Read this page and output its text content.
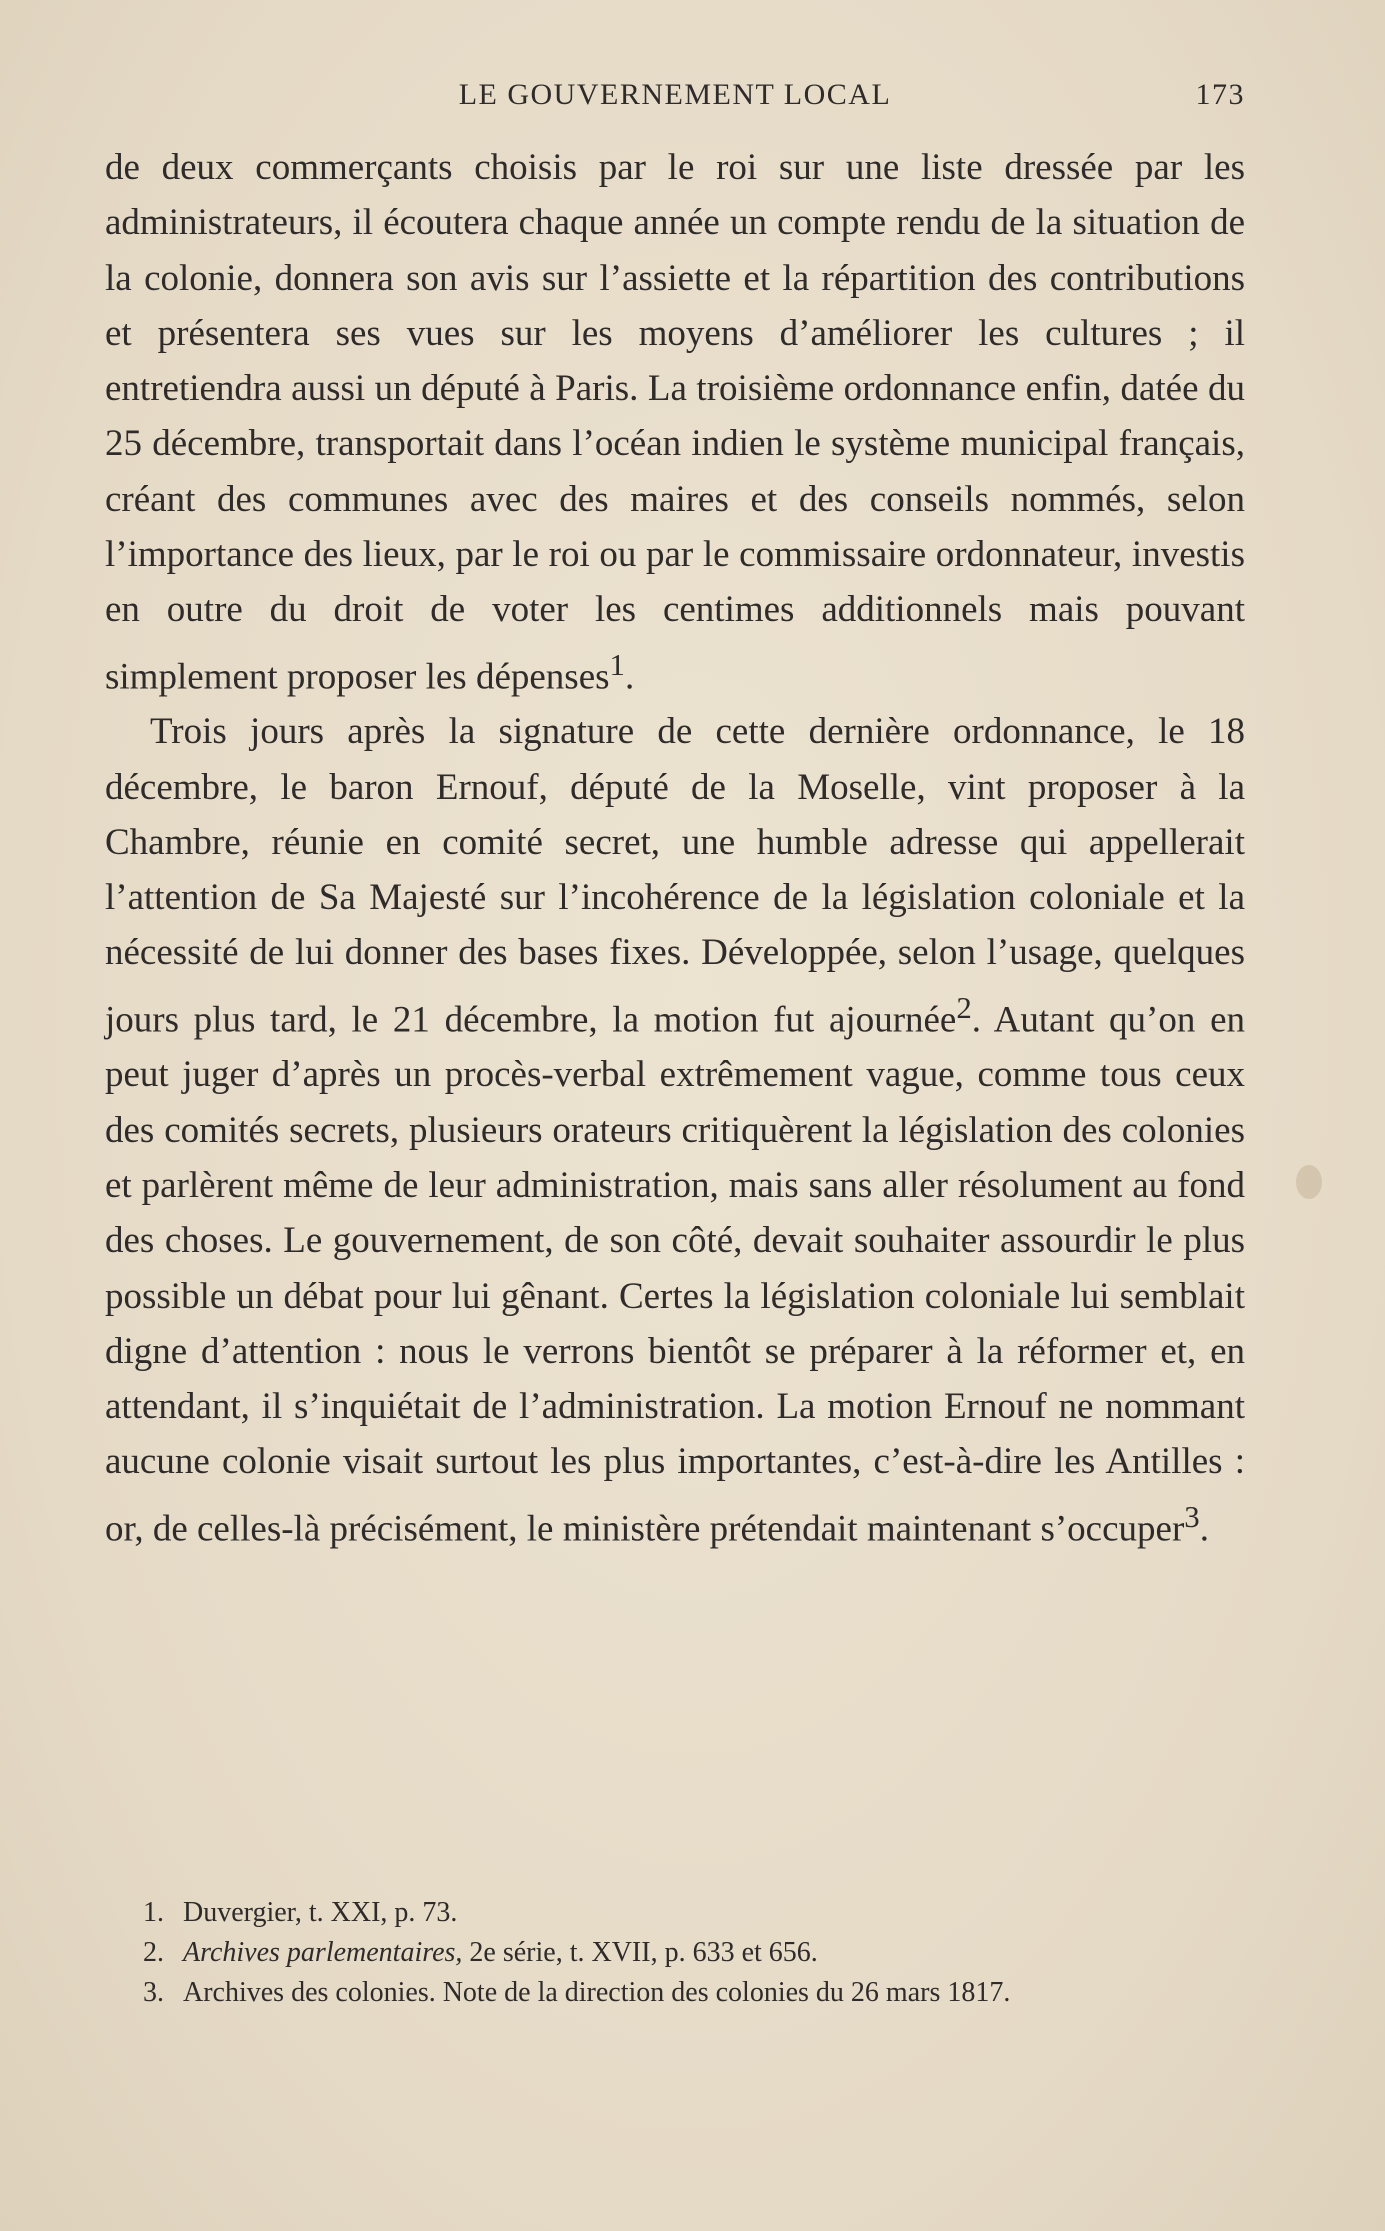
LE GOUVERNEMENT LOCAL	173

de deux commerçants choisis par le roi sur une liste dressée par les administrateurs, il écoutera chaque année un compte rendu de la situation de la colonie, donnera son avis sur l’assiette et la répartition des contributions et présentera ses vues sur les moyens d’améliorer les cultures ; il entretiendra aussi un député à Paris. La troisième ordonnance enfin, datée du 25 décembre, transportait dans l’océan indien le système municipal français, créant des communes avec des maires et des conseils nommés, selon l’importance des lieux, par le roi ou par le commissaire ordonnateur, investis en outre du droit de voter les centimes additionnels mais pouvant simplement proposer les dépenses$^1$.

Trois jours après la signature de cette dernière ordonnance, le 18 décembre, le baron Ernouf, député de la Moselle, vint proposer à la Chambre, réunie en comité secret, une humble adresse qui appellerait l’attention de Sa Majesté sur l’incohérence de la législation coloniale et la nécessité de lui donner des bases fixes. Développée, selon l’usage, quelques jours plus tard, le 21 décembre, la motion fut ajournée$^2$. Autant qu’on en peut juger d’après un procès-verbal extrêmement vague, comme tous ceux des comités secrets, plusieurs orateurs critiquèrent la législation des colonies et parlèrent même de leur administration, mais sans aller résolument au fond des choses. Le gouvernement, de son côté, devait souhaiter assourdir le plus possible un débat pour lui gênant. Certes la législation coloniale lui semblait digne d’attention : nous le verrons bientôt se préparer à la réformer et, en attendant, il s’inquiétait de l’administration. La motion Ernouf ne nommant aucune colonie visait surtout les plus importantes, c’est-à-dire les Antilles : or, de celles-là précisément, le ministère prétendait maintenant s’occuper$^3$.

1. Duvergier, t. XXI, p. 73.
2. Archives parlementaires, 2e série, t. XVII, p. 633 et 656.
3. Archives des colonies. Note de la direction des colonies du 26 mars 1817.
